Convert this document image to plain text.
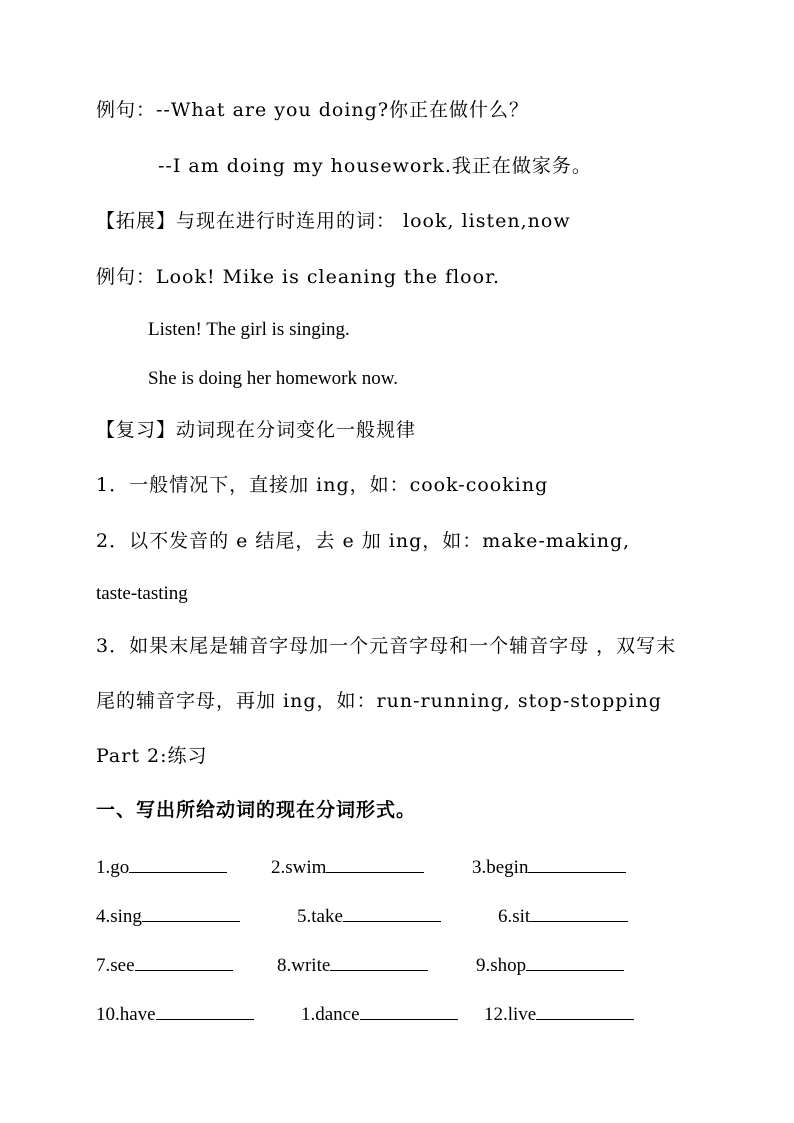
例句：--What are you doing?你正在做什么？
--I am doing my housework.我正在做家务。
【拓展】与现在进行时连用的词： look, listen,now
例句：Look! Mike is cleaning the floor.
Listen! The girl is singing.
She is doing her homework now.
【复习】动词现在分词变化一般规律
1．一般情况下，直接加 ing，如：cook-cooking
2．以不发音的 e 结尾，去 e 加 ing，如：make-making,
taste-tasting
3．如果末尾是辅音字母加一个元音字母和一个辅音字母 ，双写末
尾的辅音字母，再加 ing，如：run-running, stop-stopping
Part 2:练习
一、写出所给动词的现在分词形式。
1.go	2.swim	3.begin
4.sing	5.take	6.sit
7.see	8.write	9.shop
10.have	1.dance	12.live
